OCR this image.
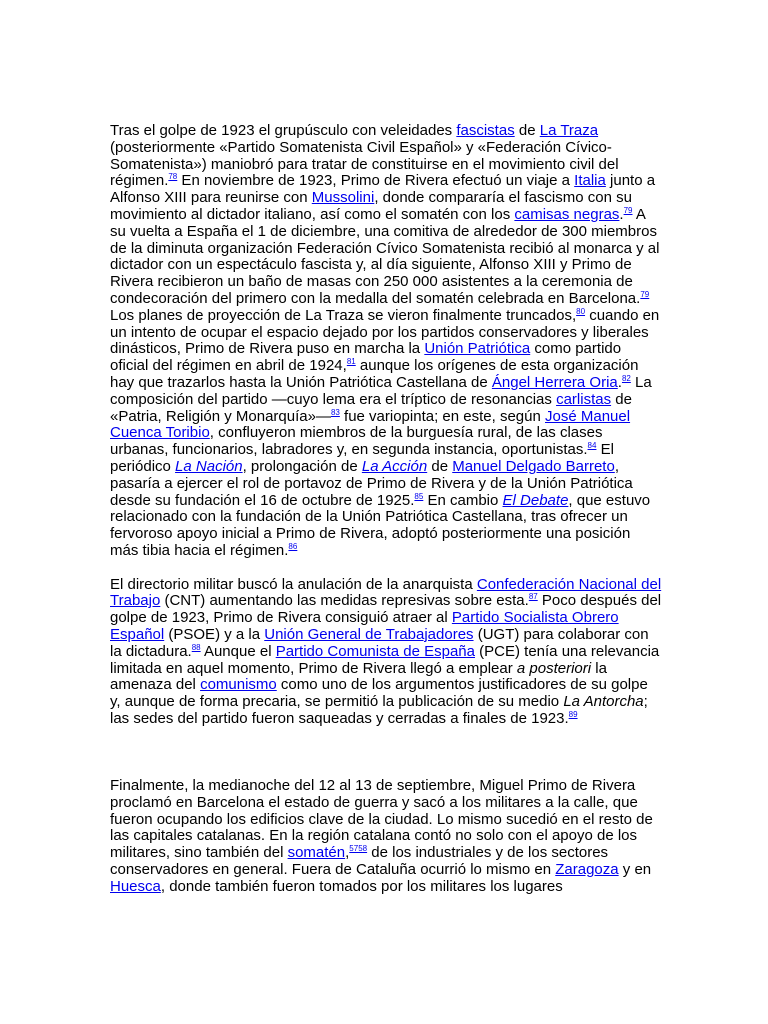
Tras el golpe de 1923 el grupúsculo con veleidades fascistas de La Traza (posteriormente «Partido Somatenista Civil Español» y «Federación Cívico-Somatenista») maniobró para tratar de constituirse en el movimiento civil del régimen.$^{78}$ En noviembre de 1923, Primo de Rivera efectuó un viaje a Italia junto a Alfonso XIII para reunirse con Mussolini, donde compararía el fascismo con su movimiento al dictador italiano, así como el somatén con los camisas negras.$^{79}$ A su vuelta a España el 1 de diciembre, una comitiva de alrededor de 300 miembros de la diminuta organización Federación Cívico Somatenista recibió al monarca y al dictador con un espectáculo fascista y, al día siguiente, Alfonso XIII y Primo de Rivera recibieron un baño de masas con 250 000 asistentes a la ceremonia de condecoración del primero con la medalla del somatén celebrada en Barcelona.$^{79}$ Los planes de proyección de La Traza se vieron finalmente truncados,$^{80}$ cuando en un intento de ocupar el espacio dejado por los partidos conservadores y liberales dinásticos, Primo de Rivera puso en marcha la Unión Patriótica como partido oficial del régimen en abril de 1924,81 aunque los orígenes de esta organización hay que trazarlos hasta la Unión Patriótica Castellana de Ángel Herrera Oria.$^{82}$ La composición del partido —cuyo lema era el tríptico de resonancias carlistas de «Patria, Religión y Monarquía»—$^{83}$ fue variopinta; en este, según José Manuel Cuenca Toribio, confluyeron miembros de la burguesía rural, de las clases urbanas, funcionarios, labradores y, en segunda instancia, oportunistas.$^{84}$ El periódico La Nación, prolongación de La Acción de Manuel Delgado Barreto, pasaría a ejercer el rol de portavoz de Primo de Rivera y de la Unión Patriótica desde su fundación el 16 de octubre de 1925.85 En cambio El Debate, que estuvo relacionado con la fundación de la Unión Patriótica Castellana, tras ofrecer un fervoroso apoyo inicial a Primo de Rivera, adoptó posteriormente una posición más tibia hacia el régimen.$^{86}$

El directorio militar buscó la anulación de la anarquista Confederación Nacional del Trabajo (CNT) aumentando las medidas represivas sobre esta.$^{87}$ Poco después del golpe de 1923, Primo de Rivera consiguió atraer al Partido Socialista Obrero Español (PSOE) y a la Unión General de Trabajadores (UGT) para colaborar con la dictadura.$^{88}$ Aunque el Partido Comunista de España (PCE) tenía una relevancia limitada en aquel momento, Primo de Rivera llegó a emplear a posteriori la amenaza del comunismo como uno de los argumentos justificadores de su golpe y, aunque de forma precaria, se permitió la publicación de su medio La Antorcha; las sedes del partido fueron saqueadas y cerradas a finales de 1923.89

Finalmente, la medianoche del 12 al 13 de septiembre, Miguel Primo de Rivera proclamó en Barcelona el estado de guerra y sacó a los militares a la calle, que fueron ocupando los edificios clave de la ciudad. Lo mismo sucedió en el resto de las capitales catalanas. En la región catalana contó no solo con el apoyo de los militares, sino también del somatén,$^{5758}$ de los industriales y de los sectores conservadores en general. Fuera de Cataluña ocurrió lo mismo en Zaragoza y en Huesca, donde también fueron tomados por los militares los lugares
